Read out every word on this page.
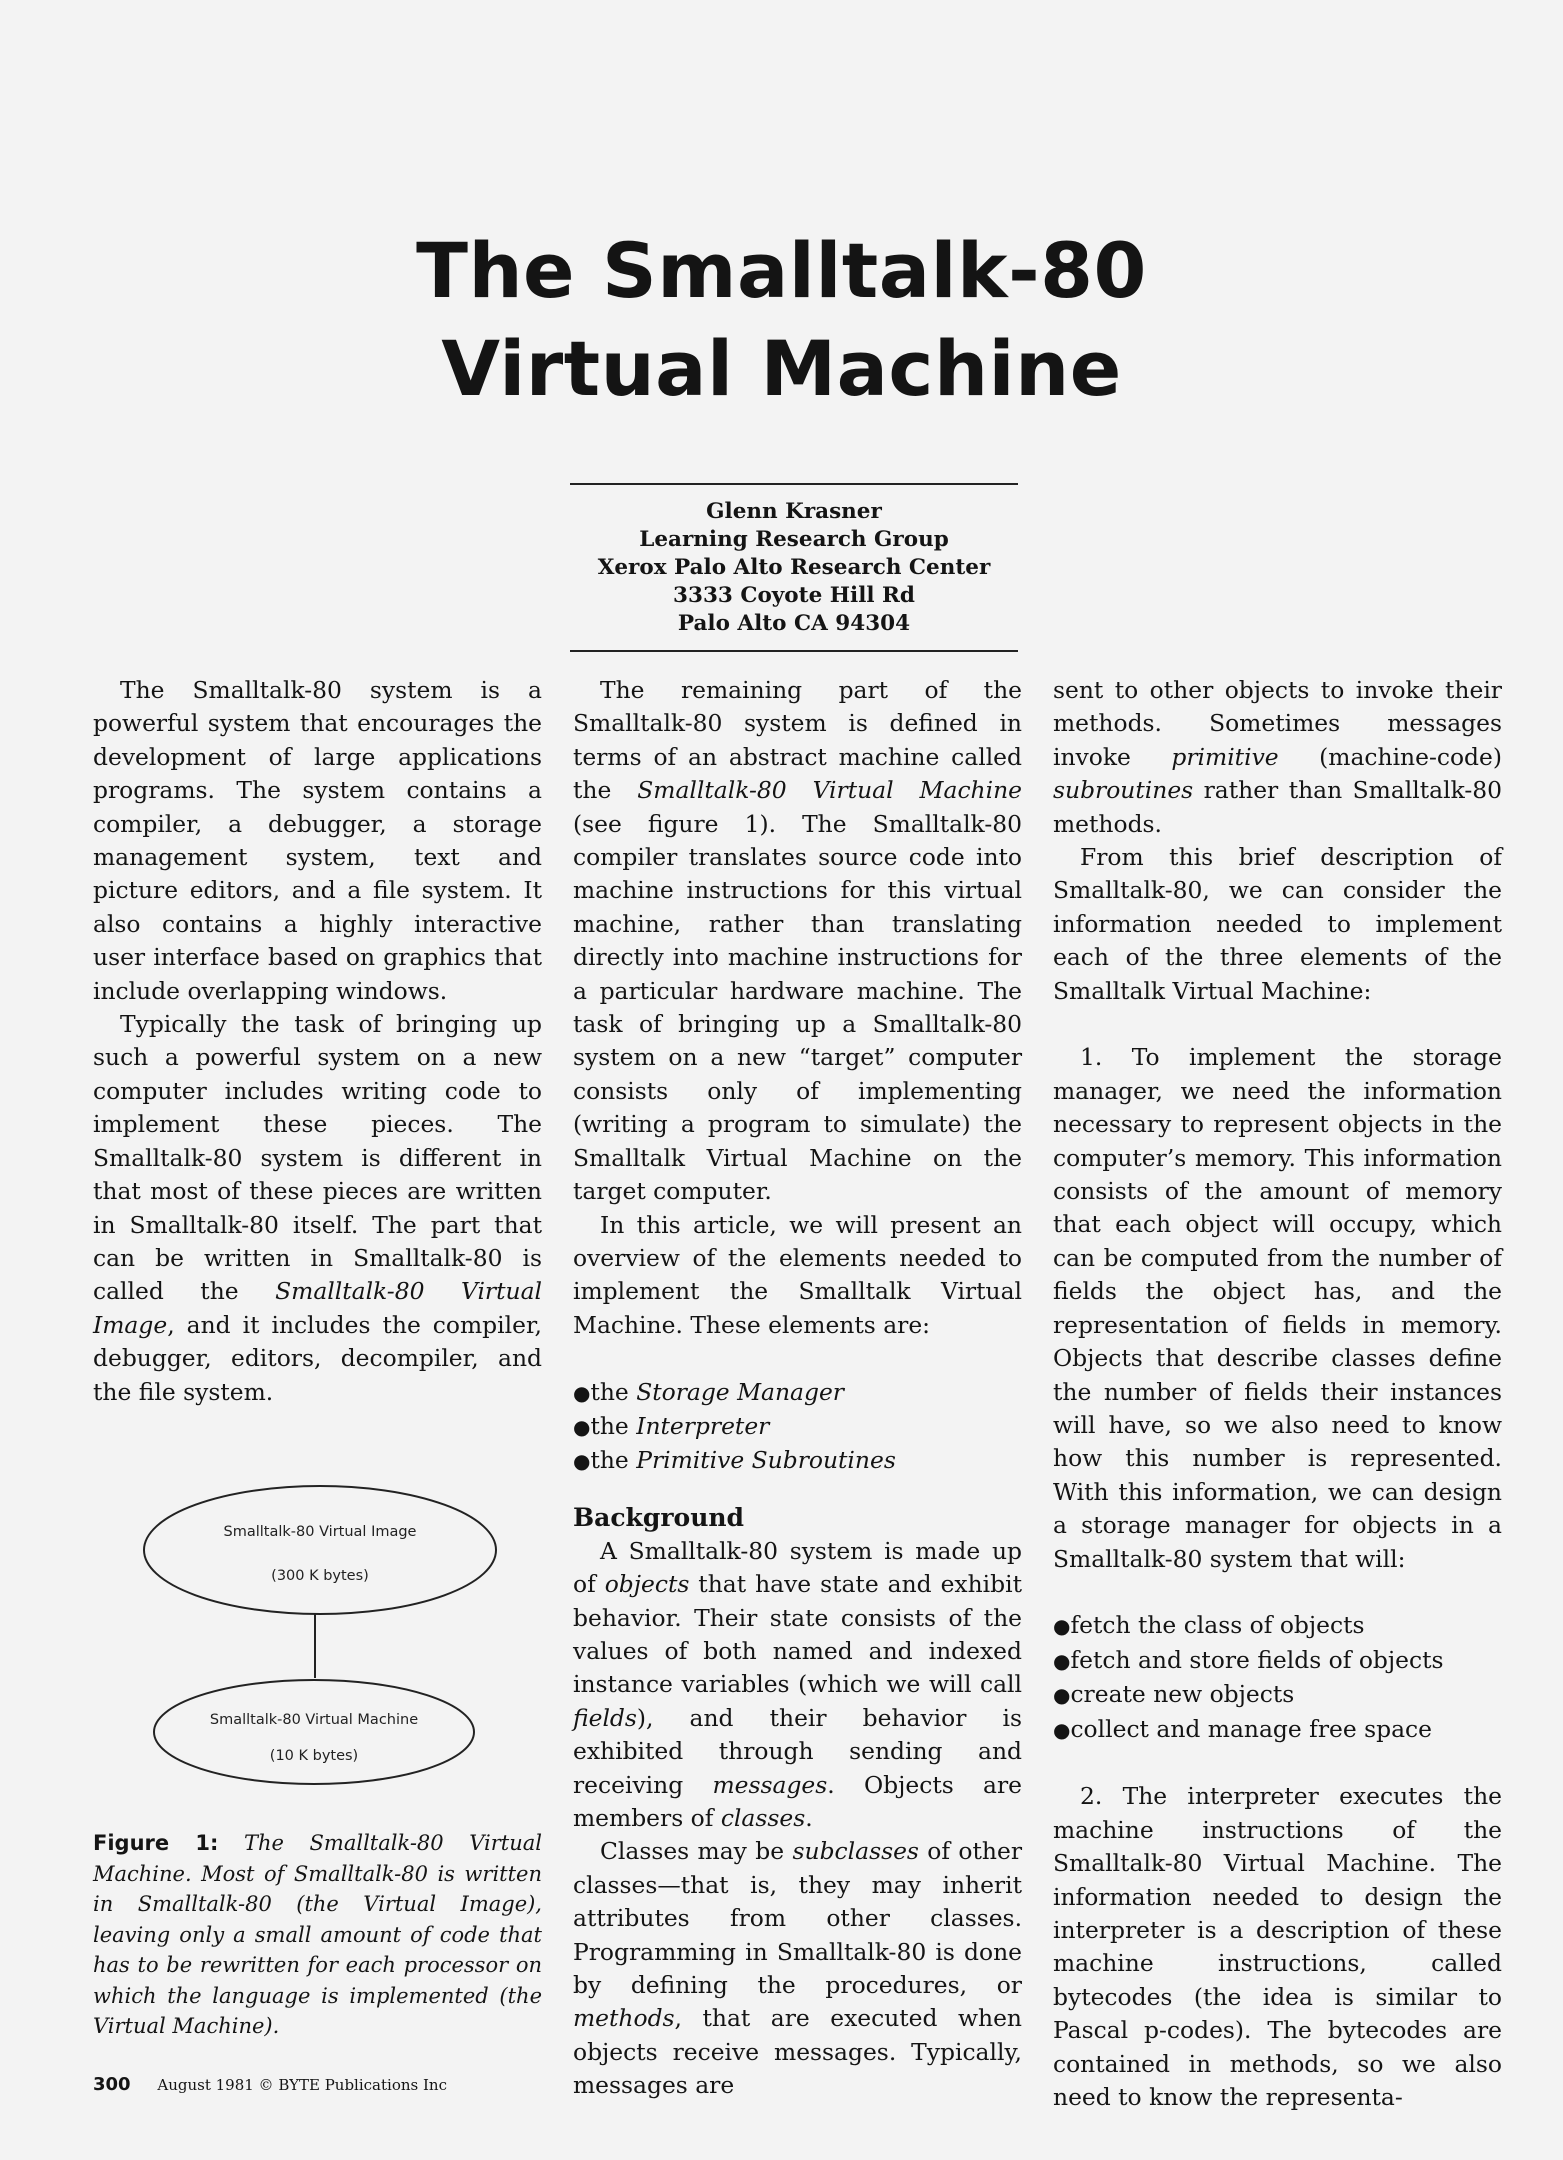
The Smalltalk-80
Virtual Machine
Glenn Krasner
Learning Research Group
Xerox Palo Alto Research Center
3333 Coyote Hill Rd
Palo Alto CA 94304

The Smalltalk-80 system is a powerful system that encourages the development of large applications programs. The system contains a compiler, a debugger, a storage management system, text and picture editors, and a file system. It also contains a highly interactive user interface based on graphics that include overlapping windows.

Typically the task of bringing up such a powerful system on a new computer includes writing code to implement these pieces. The Smalltalk-80 system is different in that most of these pieces are written in Smalltalk-80 itself. The part that can be written in Smalltalk-80 is called the Smalltalk-80 Virtual Image, and it includes the compiler, debugger, editors, decompiler, and the file system.

Smalltalk-80 Virtual Image
(300 K bytes)
Smalltalk-80 Virtual Machine
(10 K bytes)
Figure 1: The Smalltalk-80 Virtual Machine. Most of Smalltalk-80 is written in Smalltalk-80 (the Virtual Image), leaving only a small amount of code that has to be rewritten for each processor on which the language is implemented (the Virtual Machine).

The remaining part of the Smalltalk-80 system is defined in terms of an abstract machine called the Smalltalk-80 Virtual Machine (see figure 1). The Smalltalk-80 compiler translates source code into machine instructions for this virtual machine, rather than translating directly into machine instructions for a particular hardware machine. The task of bringing up a Smalltalk-80 system on a new “target” computer consists only of implementing (writing a program to simulate) the Smalltalk Virtual Machine on the target computer.

In this article, we will present an overview of the elements needed to implement the Smalltalk Virtual Machine. These elements are:

●the Storage Manager
●the Interpreter
●the Primitive Subroutines
Background

A Smalltalk-80 system is made up of objects that have state and exhibit behavior. Their state consists of the values of both named and indexed instance variables (which we will call fields), and their behavior is exhibited through sending and receiving messages. Objects are members of classes.

Classes may be subclasses of other classes—that is, they may inherit attributes from other classes. Programming in Smalltalk-80 is done by defining the procedures, or methods, that are executed when objects receive messages. Typically, messages are

sent to other objects to invoke their methods. Sometimes messages invoke primitive (machine-code) subroutines rather than Smalltalk-80 methods.

From this brief description of Smalltalk-80, we can consider the information needed to implement each of the three elements of the Smalltalk Virtual Machine:

1. To implement the storage manager, we need the information necessary to represent objects in the computer’s memory. This information consists of the amount of memory that each object will occupy, which can be computed from the number of fields the object has, and the representation of fields in memory. Objects that describe classes define the number of fields their instances will have, so we also need to know how this number is represented. With this information, we can design a storage manager for objects in a Smalltalk-80 system that will:

●fetch the class of objects
●fetch and store fields of objects
●create new objects
●collect and manage free space

2. The interpreter executes the machine instructions of the Smalltalk-80 Virtual Machine. The information needed to design the interpreter is a description of these machine instructions, called bytecodes (the idea is similar to Pascal p-codes). The bytecodes are contained in methods, so we also need to know the representa-

300 August 1981 © BYTE Publications Inc
